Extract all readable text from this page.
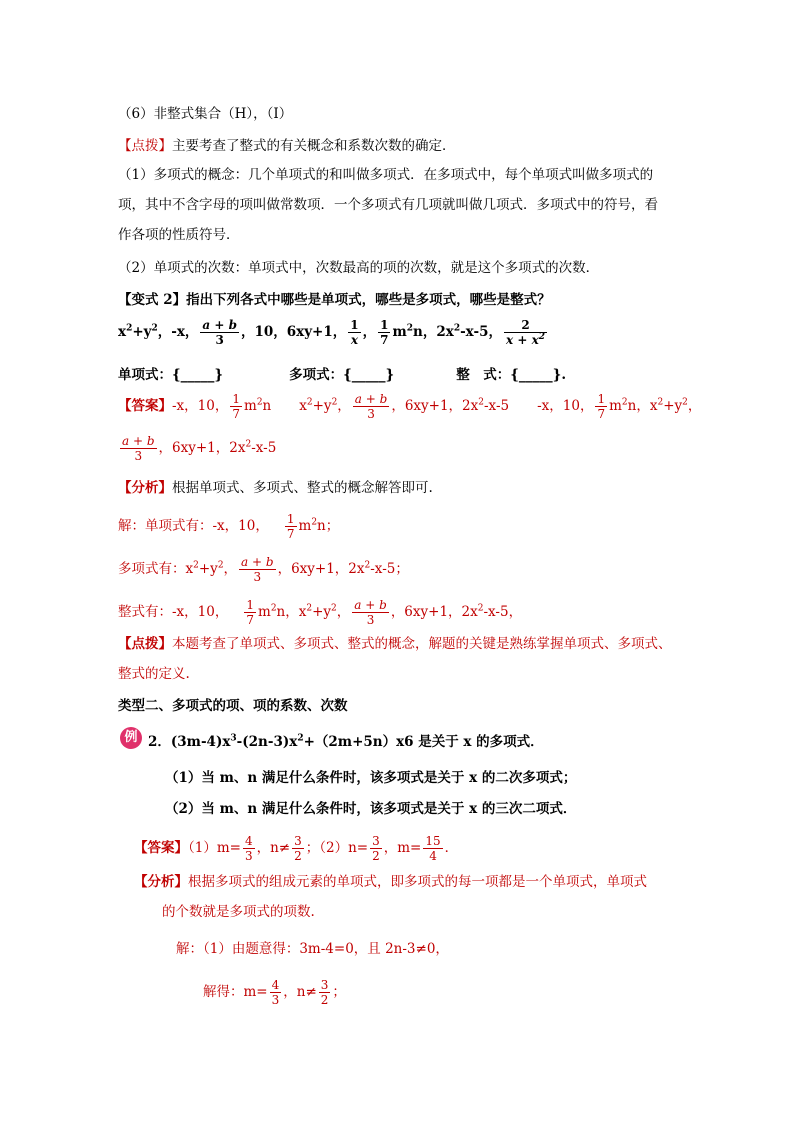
（6）非整式集合（H），（I）
【点拨】主要考查了整式的有关概念和系数次数的确定．
（1）多项式的概念：几个单项式的和叫做多项式．在多项式中，每个单项式叫做多项式的
项，其中不含字母的项叫做常数项．一个多项式有几项就叫做几项式．多项式中的符号，看
作各项的性质符号．
（2）单项式的次数：单项式中，次数最高的项的次数，就是这个多项式的次数．
【变式 2】指出下列各式中哪些是单项式，哪些是多项式，哪些是整式？
$x^2+y^2$，-x， $\frac{a + b}{3}$ ，10，6xy+1， $\frac{1}{x}$ ， $\frac{1}{7} m^2n$，$2x^2-x-5$， $\frac{2}{x + x^2}$
单项式：{_____}	多项式：{_____}	整　式：{_____}.
【答案】-x，10， $\frac{1}{7} m^2n$ $x^2+y^2$， $\frac{a + b}{3}$ ，6xy+1，$2x^2-x-5$ -x，10， $\frac{1}{7} m^2n$，$x^2+y^2$，
$\frac{a + b}{3}$ ，6xy+1，$2x^2-x-5$
【分析】根据单项式、多项式、整式的概念解答即可.
解：单项式有：-x，10， $\frac{1}{7} m^2n$；
多项式有：$x^2+y^2$， $\frac{a + b}{3}$ ，6xy+1，$2x^2-x-5$；
整式有：-x，10， $\frac{1}{7} m^2n$，$x^2+y^2$， $\frac{a + b}{3}$ ，6xy+1，$2x^2-x-5$，
【点拨】本题考查了单项式、多项式、整式的概念，解题的关键是熟练掌握单项式、多项式、
整式的定义.
类型二、多项式的项、项的系数、次数
例 2．$(3m-4)x^3-(2n-3)x^2+(2m+5n)x6$ 是关于 x 的多项式．
（1）当 m、n 满足什么条件时，该多项式是关于 x 的二次多项式；
（2）当 m、n 满足什么条件时，该多项式是关于 x 的三次二项式．
【答案】$(1)m= \frac{4}{3}$ ，$n\ne \frac{3}{2}$ ；$(2)n= \frac{3}{2}$ ，$m= \frac{15}{4}$ ．
【分析】根据多项式的组成元素的单项式，即多项式的每一项都是一个单项式，单项式
的个数就是多项式的项数.
解：（1）由题意得：3m-4=0，且 2n-3≠0，
解得：$m= \frac{4}{3}$ ，$n\ne \frac{3}{2}$ ；
